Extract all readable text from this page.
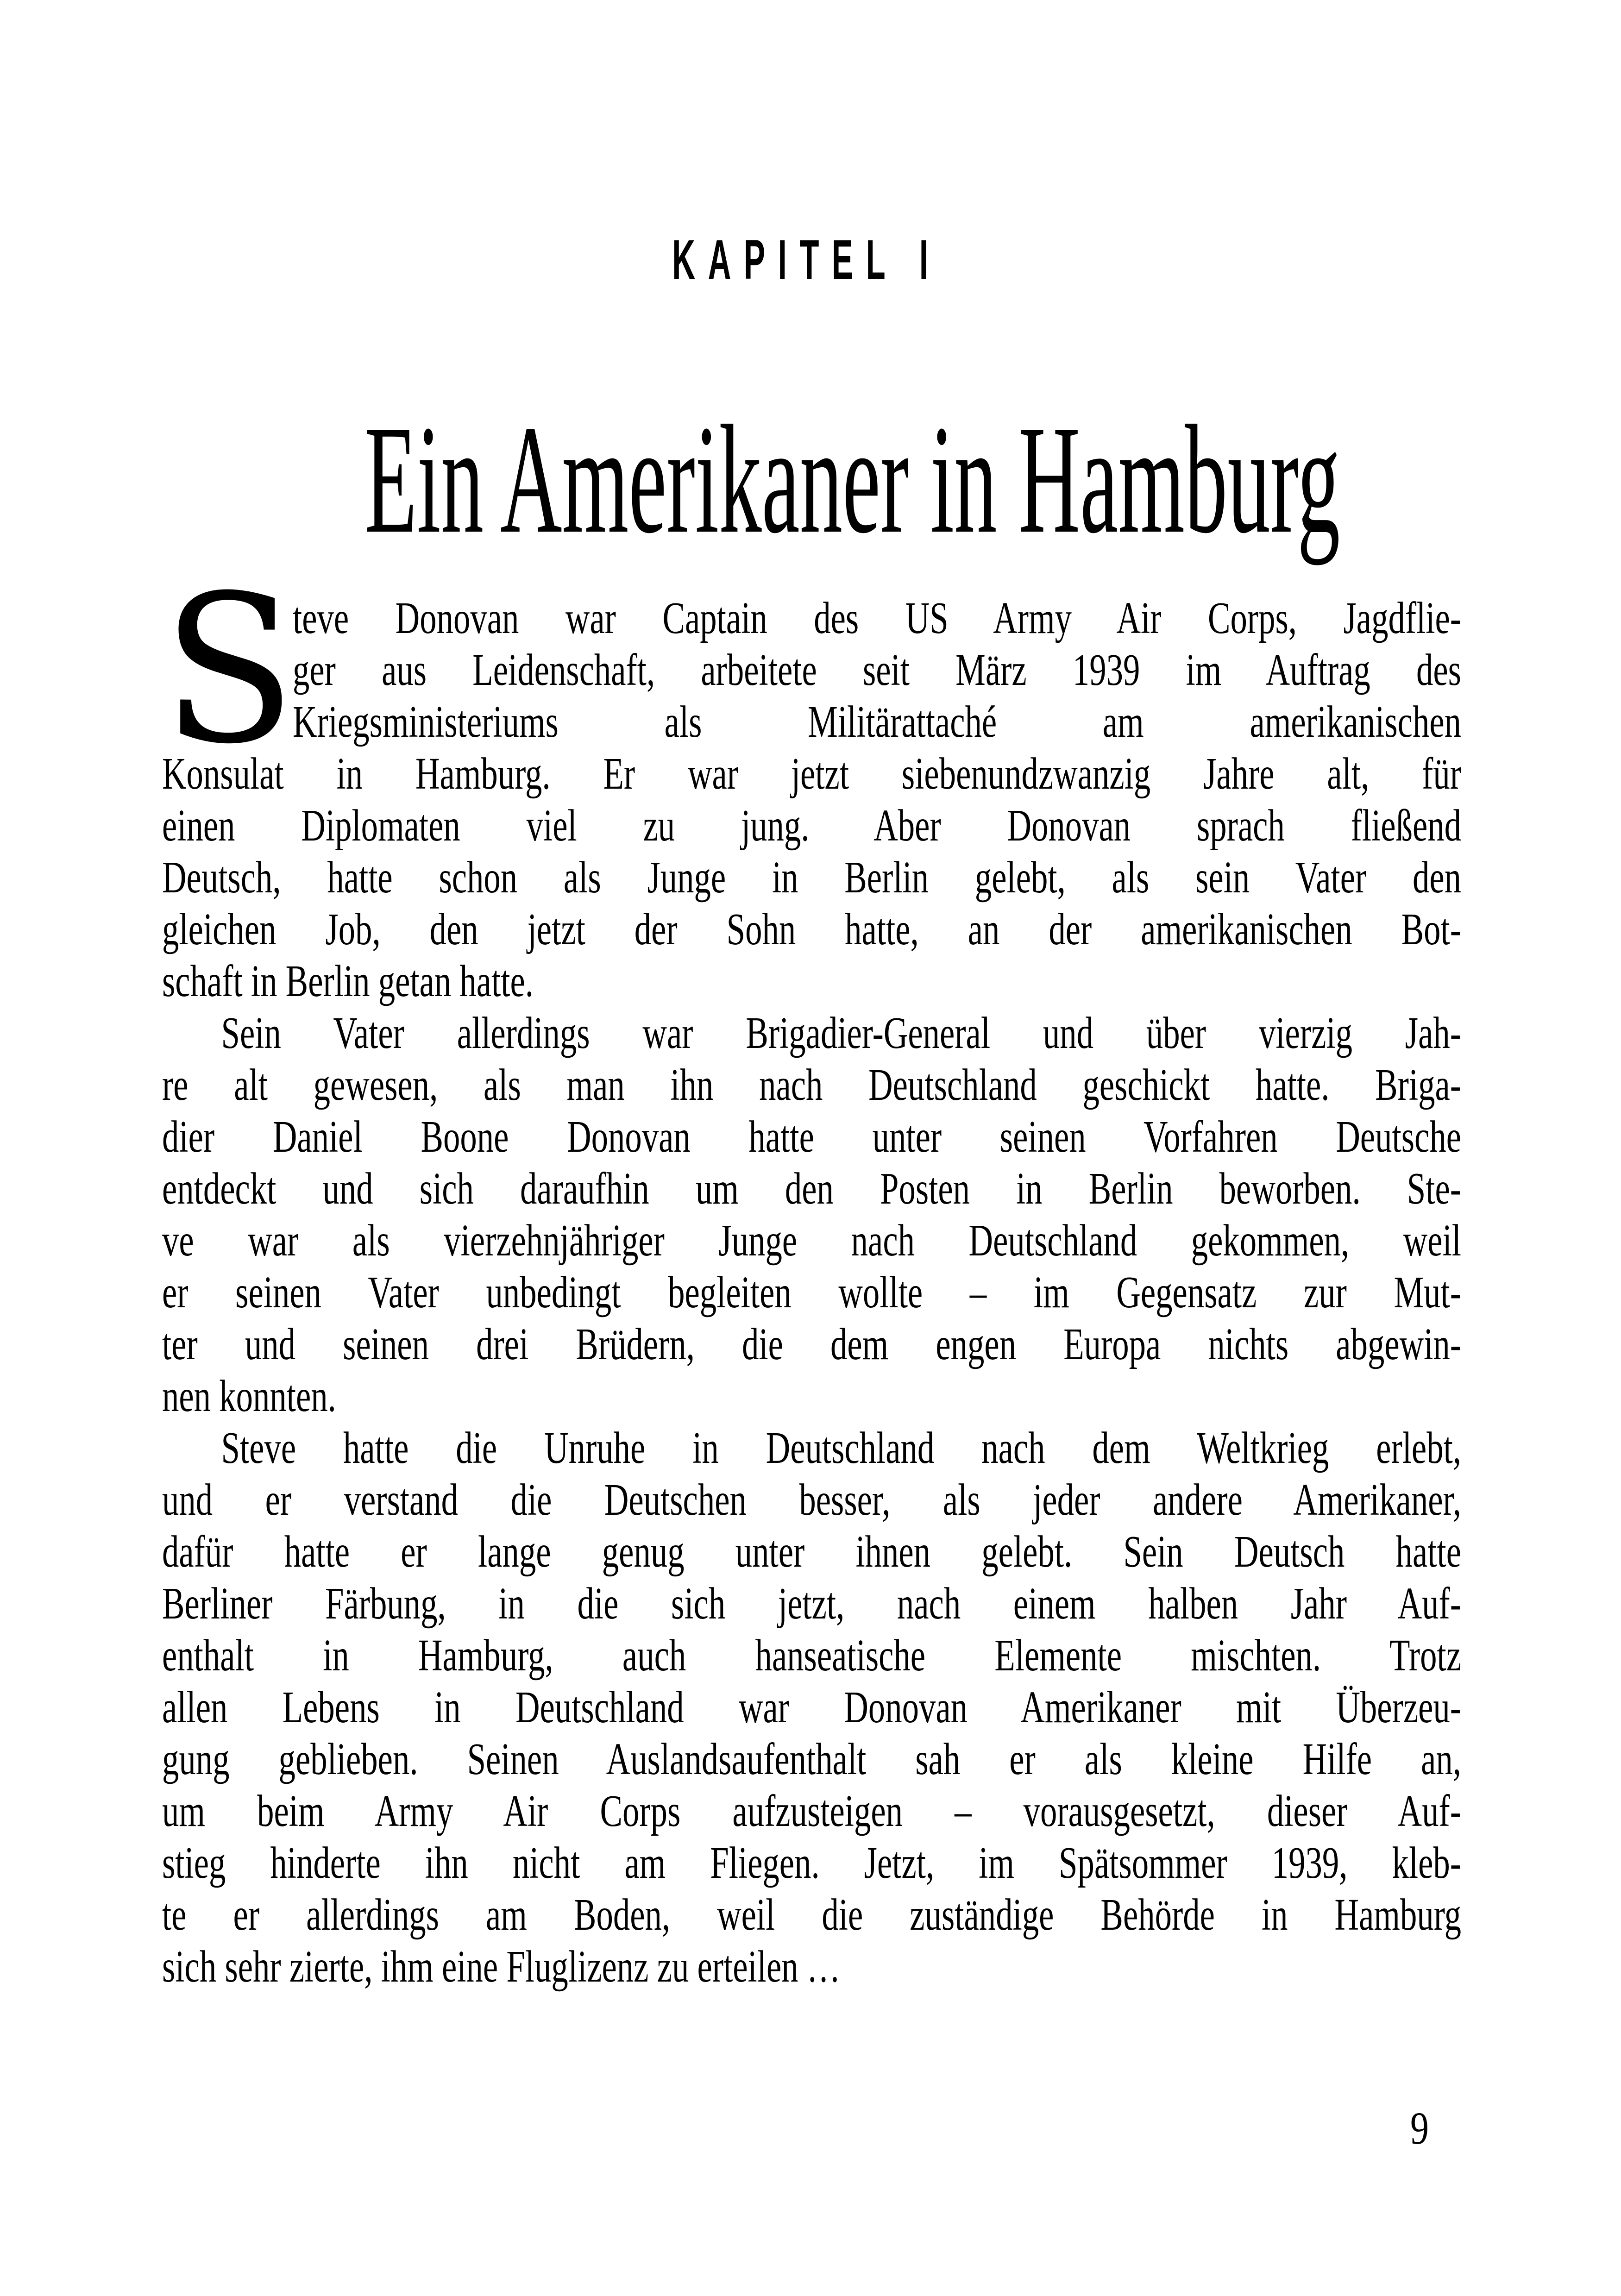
KAPITEL I
Ein Amerikaner in Hamburg
S
teve Donovan war Captain des US Army Air Corps, Jagdflie-
ger aus Leidenschaft, arbeitete seit März 1939 im Auftrag des
Kriegsministeriums als Militärattaché am amerikanischen
Konsulat in Hamburg. Er war jetzt siebenundzwanzig Jahre alt, für
einen Diplomaten viel zu jung. Aber Donovan sprach fließend
Deutsch, hatte schon als Junge in Berlin gelebt, als sein Vater den
gleichen Job, den jetzt der Sohn hatte, an der amerikanischen Bot-
schaft in Berlin getan hatte.
Sein Vater allerdings war Brigadier-General und über vierzig Jah-
re alt gewesen, als man ihn nach Deutschland geschickt hatte. Briga-
dier Daniel Boone Donovan hatte unter seinen Vorfahren Deutsche
entdeckt und sich daraufhin um den Posten in Berlin beworben. Ste-
ve war als vierzehnjähriger Junge nach Deutschland gekommen, weil
er seinen Vater unbedingt begleiten wollte – im Gegensatz zur Mut-
ter und seinen drei Brüdern, die dem engen Europa nichts abgewin-
nen konnten.
Steve hatte die Unruhe in Deutschland nach dem Weltkrieg erlebt,
und er verstand die Deutschen besser, als jeder andere Amerikaner,
dafür hatte er lange genug unter ihnen gelebt. Sein Deutsch hatte
Berliner Färbung, in die sich jetzt, nach einem halben Jahr Auf-
enthalt in Hamburg, auch hanseatische Elemente mischten. Trotz
allen Lebens in Deutschland war Donovan Amerikaner mit Überzeu-
gung geblieben. Seinen Auslandsaufenthalt sah er als kleine Hilfe an,
um beim Army Air Corps aufzusteigen – vorausgesetzt, dieser Auf-
stieg hinderte ihn nicht am Fliegen. Jetzt, im Spätsommer 1939, kleb-
te er allerdings am Boden, weil die zuständige Behörde in Hamburg
sich sehr zierte, ihm eine Fluglizenz zu erteilen …
9
